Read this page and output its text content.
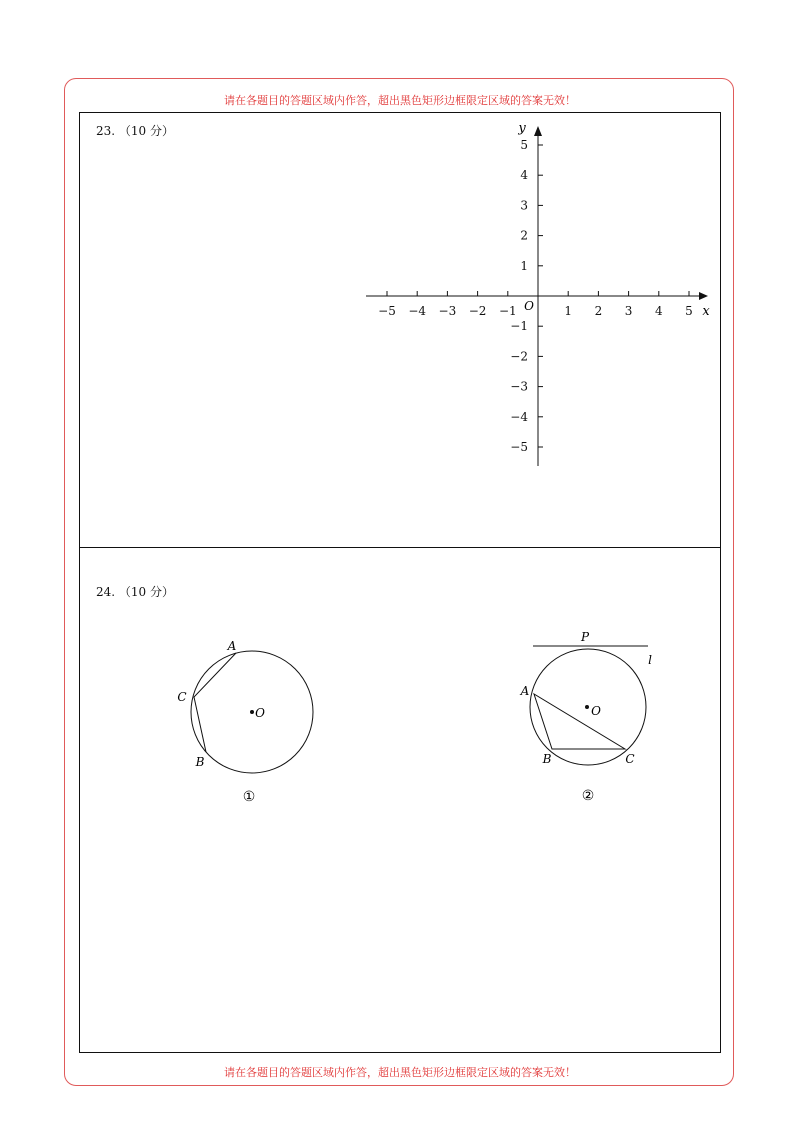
请在各题目的答题区域内作答，超出黑色矩形边框限定区域的答案无效！
请在各题目的答题区域内作答，超出黑色矩形边框限定区域的答案无效！
23. （10 分）
24. （10 分）
−5 −4 −3 −2 −1	1 2 3 4 5
5
4
3
2
1
−1
−2
−3
−4
−5
x
y
O
A
C
B
O
①
P
l
A
B	C
O
②
